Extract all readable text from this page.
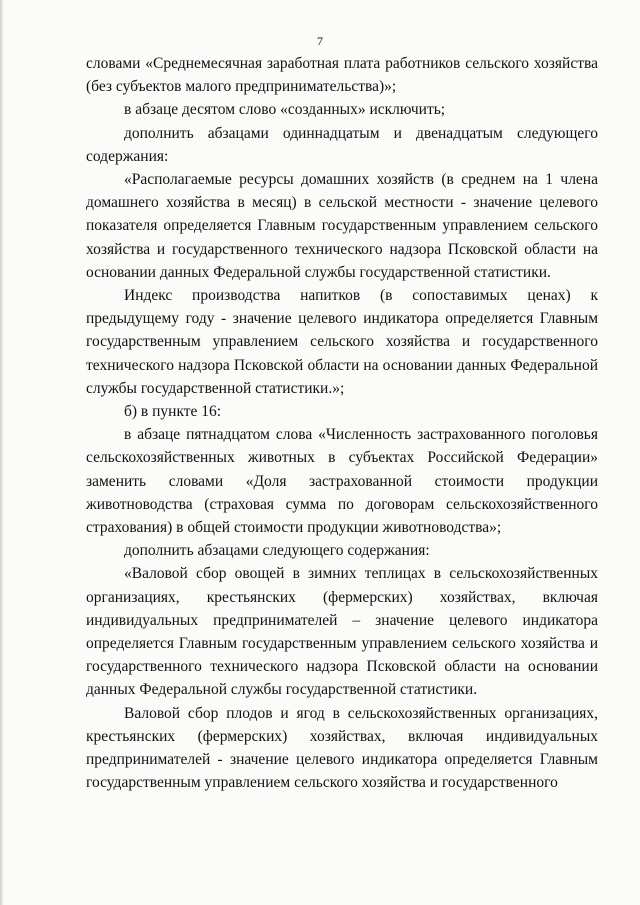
7

словами «Среднемесячная заработная плата работников сельского хозяйства (без субъектов малого предпринимательства)»;

в абзаце десятом слово «созданных» исключить;

дополнить абзацами одиннадцатым и двенадцатым следующего содержания:

«Располагаемые ресурсы домашних хозяйств (в среднем на 1 члена домашнего хозяйства в месяц) в сельской местности - значение целевого показателя определяется Главным государственным управлением сельского хозяйства и государственного технического надзора Псковской области на основании данных Федеральной службы государственной статистики.

Индекс производства напитков (в сопоставимых ценах) к предыдущему году - значение целевого индикатора определяется Главным государственным управлением сельского хозяйства и государственного технического надзора Псковской области на основании данных Федеральной службы государственной статистики.»;

б) в пункте 16:

в абзаце пятнадцатом слова «Численность застрахованного поголовья сельскохозяйственных животных в субъектах Российской Федерации» заменить словами «Доля застрахованной стоимости продукции животноводства (страховая сумма по договорам сельскохозяйственного страхования) в общей стоимости продукции животноводства»;

дополнить абзацами следующего содержания:

«Валовой сбор овощей в зимних теплицах в сельскохозяйственных организациях, крестьянских (фермерских) хозяйствах, включая индивидуальных предпринимателей – значение целевого индикатора определяется Главным государственным управлением сельского хозяйства и государственного технического надзора Псковской области на основании данных Федеральной службы государственной статистики.

Валовой сбор плодов и ягод в сельскохозяйственных организациях, крестьянских (фермерских) хозяйствах, включая индивидуальных предпринимателей - значение целевого индикатора определяется Главным государственным управлением сельского хозяйства и государственного
